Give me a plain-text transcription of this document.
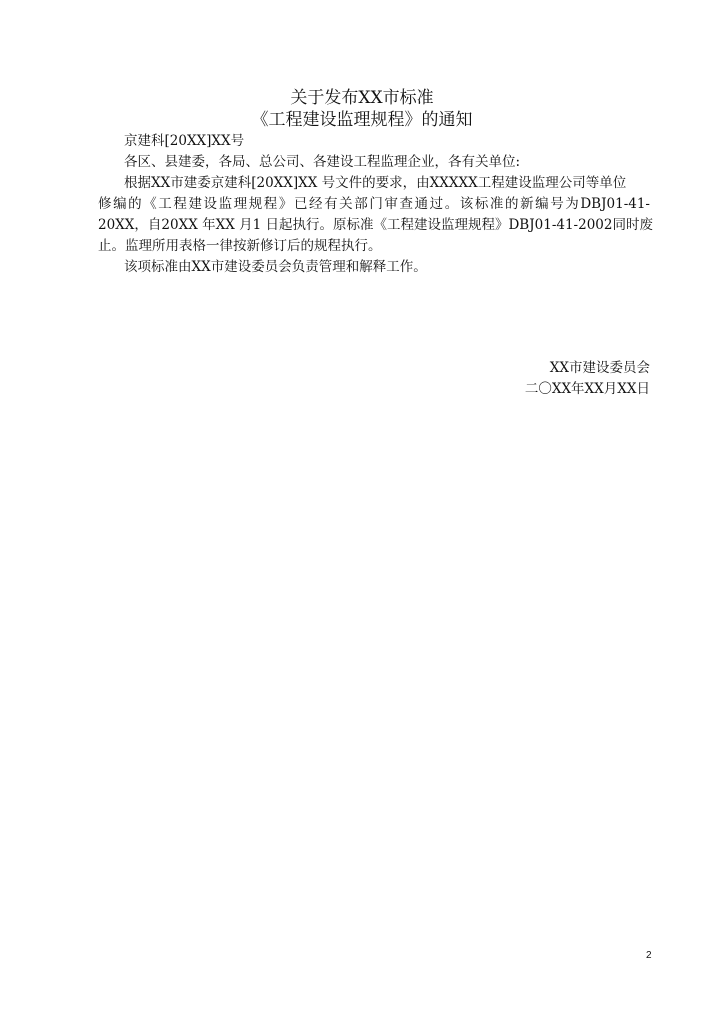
关于发布XX市标准
《工程建设监理规程》的通知
京建科[20XX]XX号
各区、县建委，各局、总公司、各建设工程监理企业，各有关单位:
根据XX市建委京建科[20XX]XX 号文件的要求，由XXXXX工程建设监理公司等单位
修编的《工程建设监理规程》已经有关部门审查通过。该标准的新编号为DBJ01-41-
20XX，自20XX 年XX 月1 日起执行。原标准《工程建设监理规程》DBJ01-41-2002同时废
止。监理所用表格一律按新修订后的规程执行。
该项标准由XX市建设委员会负责管理和解释工作。
XX市建设委员会
二〇XX年XX月XX日
2
